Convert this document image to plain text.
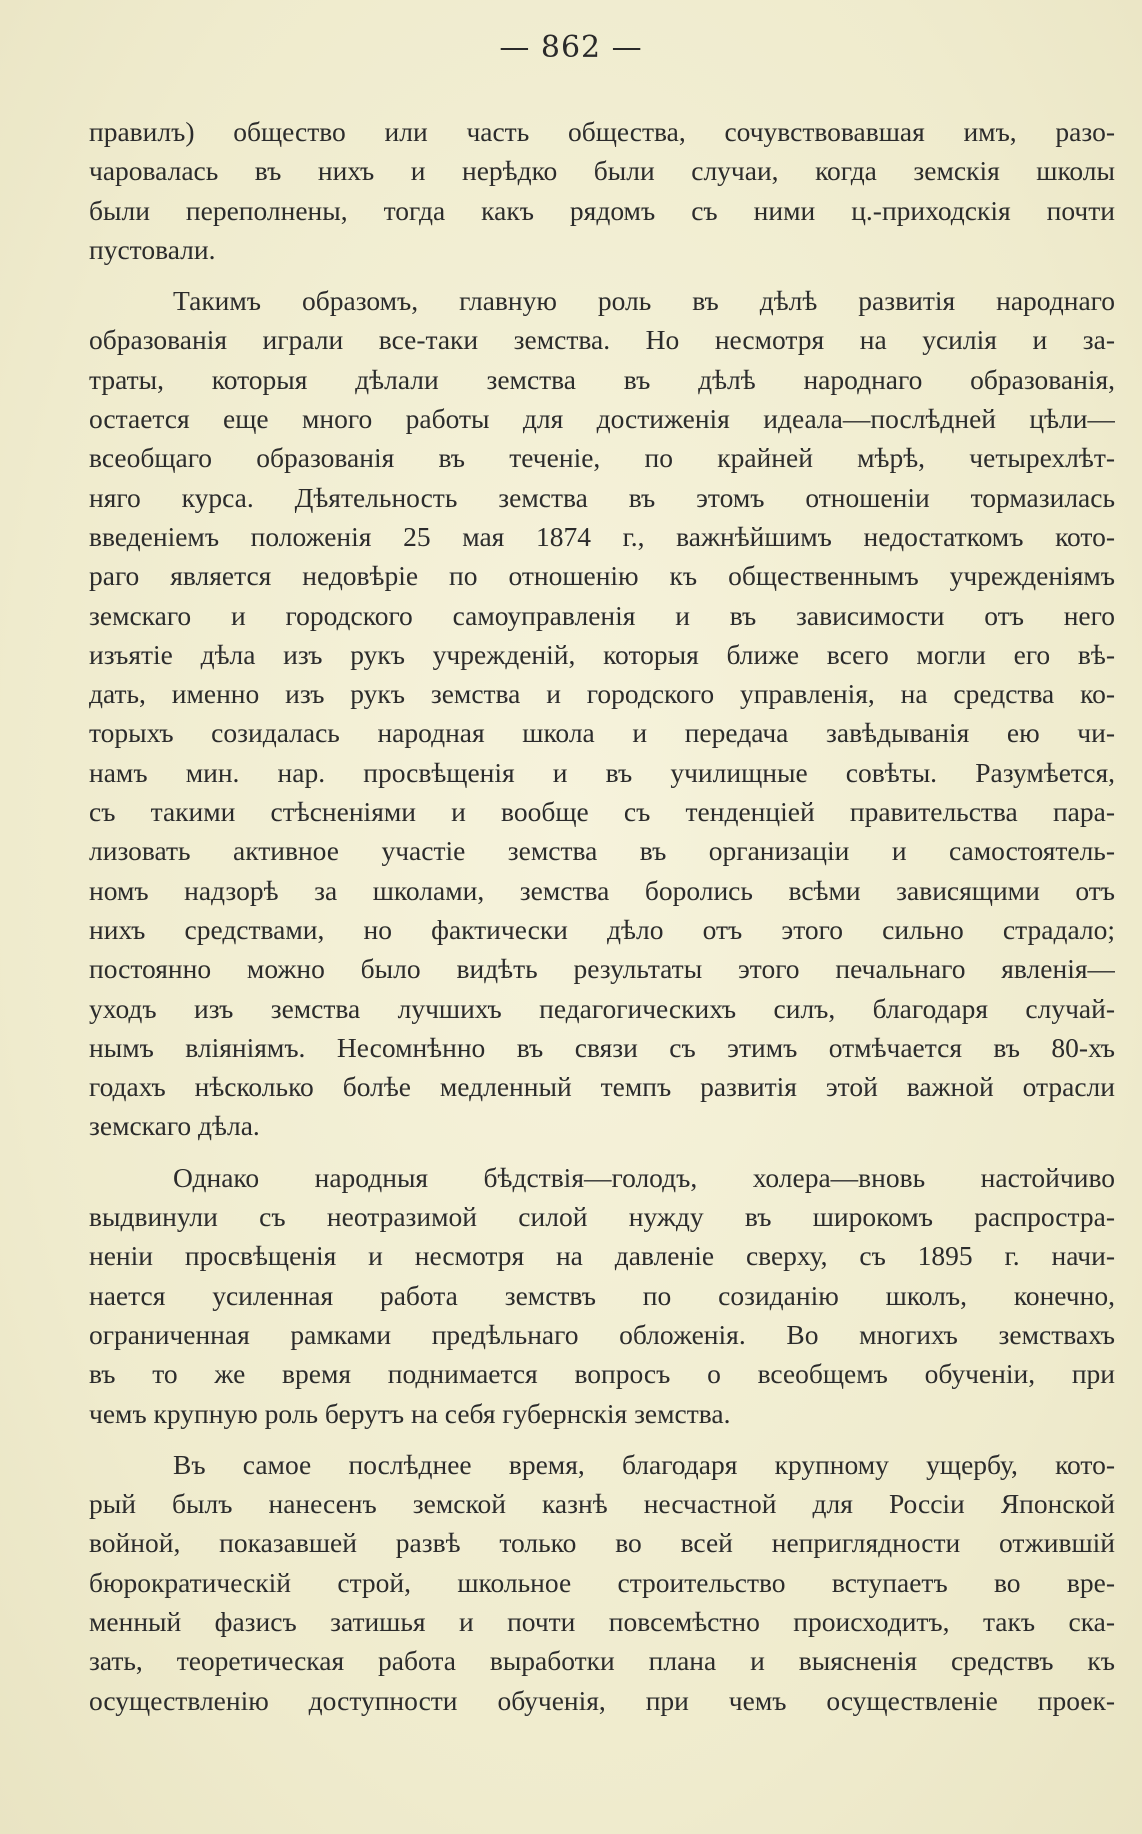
— 862 —
правилъ) общество или часть общества, сочувствовавшая имъ, разо-
чаровалась въ нихъ и нерѣдко были случаи, когда земскія школы
были переполнены, тогда какъ рядомъ съ ними ц.-приходскія почти
пустовали.
Такимъ образомъ, главную роль въ дѣлѣ развитія народнаго
образованія играли все-таки земства. Но несмотря на усилія и за-
траты, которыя дѣлали земства въ дѣлѣ народнаго образованія,
остается еще много работы для достиженія идеала—послѣдней цѣли—
всеобщаго образованія въ теченіе, по крайней мѣрѣ, четырехлѣт-
няго курса. Дѣятельность земства въ этомъ отношеніи тормазилась
введеніемъ положенія 25 мая 1874 г., важнѣйшимъ недостаткомъ кото-
раго является недовѣріе по отношенію къ общественнымъ учрежденіямъ
земскаго и городского самоуправленія и въ зависимости отъ него
изъятіе дѣла изъ рукъ учрежденій, которыя ближе всего могли его вѣ-
дать, именно изъ рукъ земства и городского управленія, на средства ко-
торыхъ созидалась народная школа и передача завѣдыванія ею чи-
намъ мин. нар. просвѣщенія и въ училищные совѣты. Разумѣется,
съ такими стѣсненіями и вообще съ тенденціей правительства пара-
лизовать активное участіе земства въ организаціи и самостоятель-
номъ надзорѣ за школами, земства боролись всѣми зависящими отъ
нихъ средствами, но фактически дѣло отъ этого сильно страдало;
постоянно можно было видѣть результаты этого печальнаго явленія—
уходъ изъ земства лучшихъ педагогическихъ силъ, благодаря случай-
нымъ вліяніямъ. Несомнѣнно въ связи съ этимъ отмѣчается въ 80-хъ
годахъ нѣсколько болѣе медленный темпъ развитія этой важной отрасли
земскаго дѣла.
Однако народныя бѣдствія—голодъ, холера—вновь настойчиво
выдвинули съ неотразимой силой нужду въ широкомъ распростра-
неніи просвѣщенія и несмотря на давленіе сверху, съ 1895 г. начи-
нается усиленная работа земствъ по созиданію школъ, конечно,
ограниченная рамками предѣльнаго обложенія. Во многихъ земствахъ
въ то же время поднимается вопросъ о всеобщемъ обученіи, при
чемъ крупную роль берутъ на себя губернскія земства.
Въ самое послѣднее время, благодаря крупному ущербу, кото-
рый былъ нанесенъ земской казнѣ несчастной для Россіи Японской
войной, показавшей развѣ только во всей неприглядности отжившій
бюрократическій строй, школьное строительство вступаетъ во вре-
менный фазисъ затишья и почти повсемѣстно происходитъ, такъ ска-
зать, теоретическая работа выработки плана и выясненія средствъ къ
осуществленію доступности обученія, при чемъ осуществленіе проек-
